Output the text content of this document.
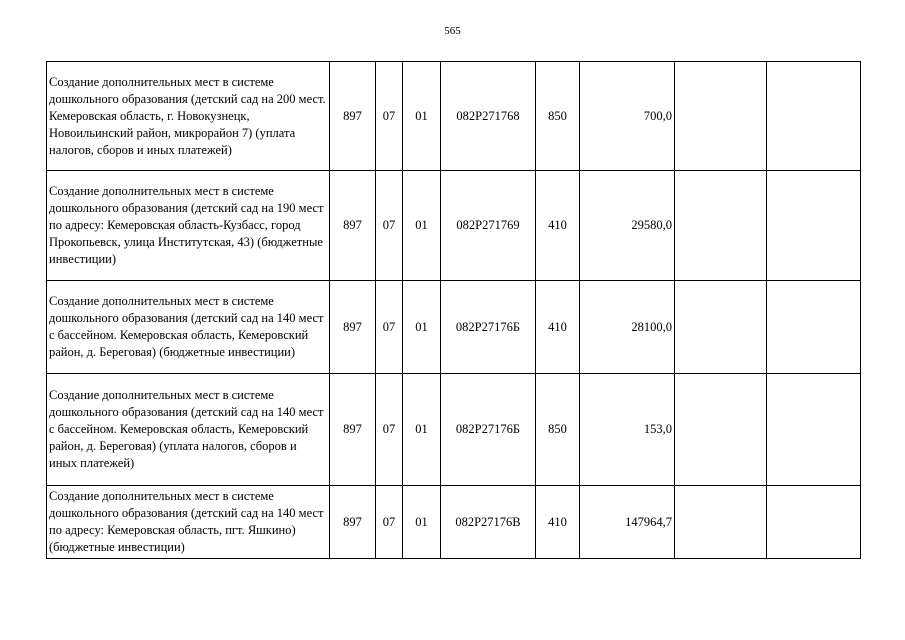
565
Создание дополнительных мест в системе дошкольного образования (детский сад на 200 мест. Кемеровская область, г. Новокузнецк, Новоильинский район, микрорайон 7) (уплата налогов, сборов и иных платежей)	897	07	01	082P271768	850	700,0		
Создание дополнительных мест в системе дошкольного образования (детский сад на 190 мест по адресу: Кемеровская область-Кузбасс, город Прокопьевск, улица Институтская, 43) (бюджетные инвестиции)	897	07	01	082P271769	410	29580,0		
Создание дополнительных мест в системе дошкольного образования (детский сад на 140 мест с бассейном. Кемеровская область, Кемеровский район, д. Береговая) (бюджетные инвестиции)	897	07	01	082P27176Б	410	28100,0		
Создание дополнительных мест в системе дошкольного образования (детский сад на 140 мест с бассейном. Кемеровская область, Кемеровский район, д. Береговая) (уплата налогов, сборов и иных платежей)	897	07	01	082P27176Б	850	153,0		
Создание дополнительных мест в системе дошкольного образования (детский сад на 140 мест по адресу: Кемеровская область, пгт. Яшкино) (бюджетные инвестиции)	897	07	01	082P27176В	410	147964,7		
